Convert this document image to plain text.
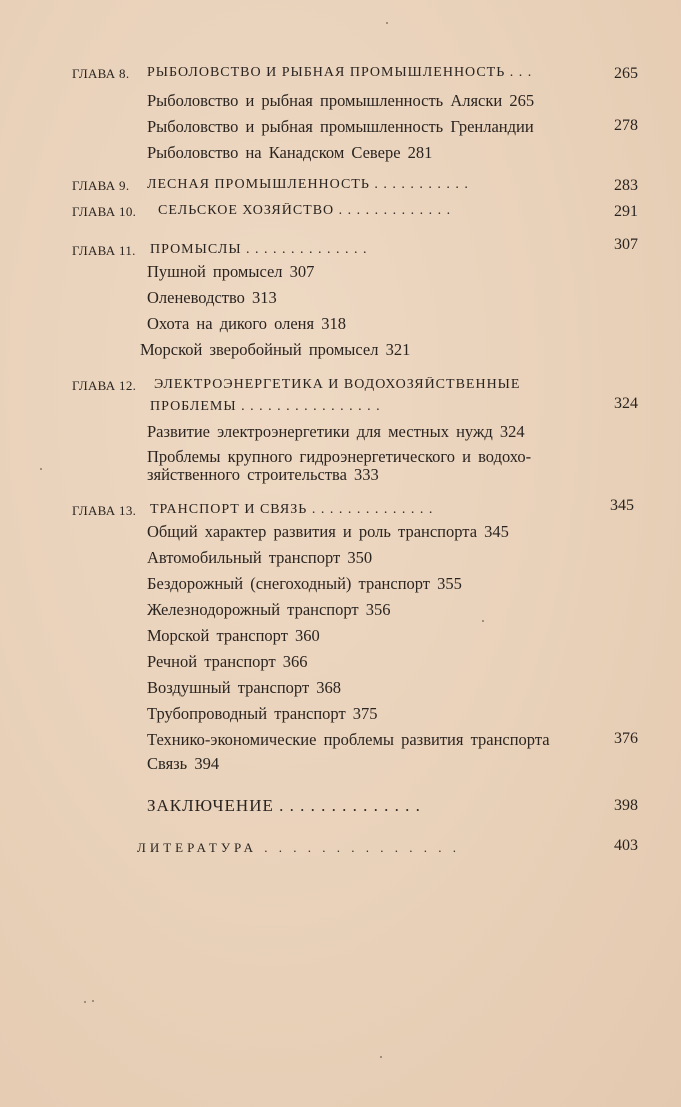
ГЛАВА 8. РЫБОЛОВСТВО И РЫБНАЯ ПРОМЫШЛЕННОСТЬ . . .	265
Рыболовство и рыбная промышленность Аляски 265
Рыболовство и рыбная промышленность Гренландии	278
Рыболовство на Канадском Севере 281
ГЛАВА 9. ЛЕСНАЯ ПРОМЫШЛЕННОСТЬ . . . . . . . . . . .	283
ГЛАВА 10. СЕЛЬСКОЕ ХОЗЯЙСТВО . . . . . . . . . . . . .	291
ГЛАВА 11. ПРОМЫСЛЫ . . . . . . . . . . . . . .	307
Пушной промысел 307
Оленеводство 313
Охота на дикого оленя 318
Морской зверобойный промысел 321
ГЛАВА 12. ЭЛЕКТРОЭНЕРГЕТИКА И ВОДОХОЗЯЙСТВЕННЫЕ
ПРОБЛЕМЫ . . . . . . . . . . . . . . . .	324
Развитие электроэнергетики для местных нужд 324
Проблемы крупного гидроэнергетического и водохо-
зяйственного строительства 333
ГЛАВА 13. ТРАНСПОРТ И СВЯЗЬ . . . . . . . . . . . . . .	345
Общий характер развития и роль транспорта 345
Автомобильный транспорт 350
Бездорожный (снегоходный) транспорт 355
Железнодорожный транспорт 356
Морской транспорт 360
Речной транспорт 366
Воздушный транспорт 368
Трубопроводный транспорт 375
Технико-экономические проблемы развития транспорта	376
Связь 394
ЗАКЛЮЧЕНИЕ . . . . . . . . . . . . . .	398
ЛИТЕРАТУРА . . . . . . . . . . . . . .	403
